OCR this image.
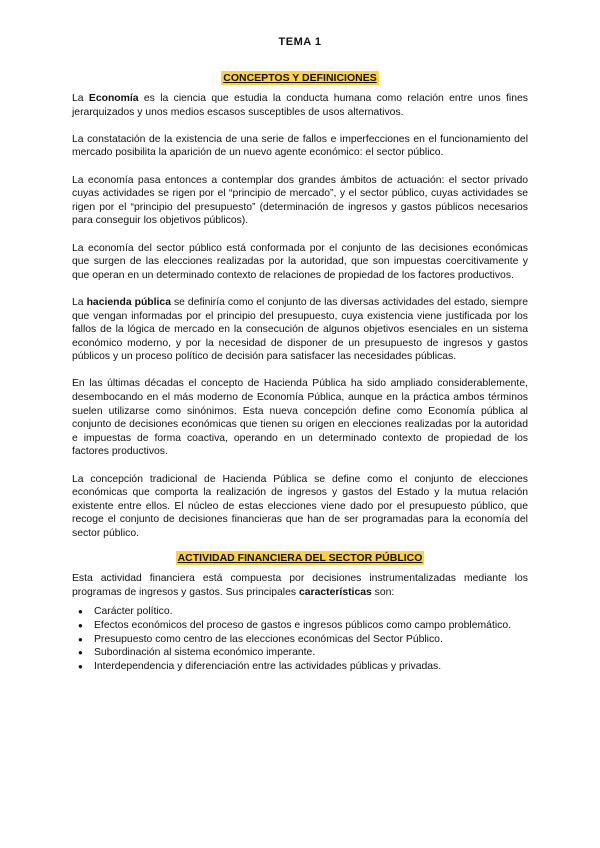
TEMA 1
CONCEPTOS Y DEFINICIONES

La Economía es la ciencia que estudia la conducta humana como relación entre unos fines jerarquizados y unos medios escasos susceptibles de usos alternativos.

La constatación de la existencia de una serie de fallos e imperfecciones en el funcionamiento del mercado posibilita la aparición de un nuevo agente económico: el sector público.

La economía pasa entonces a contemplar dos grandes ámbitos de actuación: el sector privado cuyas actividades se rigen por el “principio de mercado”, y el sector público, cuyas actividades se rigen por el “principio del presupuesto” (determinación de ingresos y gastos públicos necesarios para conseguir los objetivos públicos).

La economía del sector público está conformada por el conjunto de las decisiones económicas que surgen de las elecciones realizadas por la autoridad, que son impuestas coercitivamente y que operan en un determinado contexto de relaciones de propiedad de los factores productivos.

La hacienda pública se definiría como el conjunto de las diversas actividades del estado, siempre que vengan informadas por el principio del presupuesto, cuya existencia viene justificada por los fallos de la lógica de mercado en la consecución de algunos objetivos esenciales en un sistema económico moderno, y por la necesidad de disponer de un presupuesto de ingresos y gastos públicos y un proceso político de decisión para satisfacer las necesidades públicas.

En las últimas décadas el concepto de Hacienda Pública ha sido ampliado considerablemente, desembocando en el más moderno de Economía Pública, aunque en la práctica ambos términos suelen utilizarse como sinónimos. Esta nueva concepción define como Economía pública al conjunto de decisiones económicas que tienen su origen en elecciones realizadas por la autoridad e impuestas de forma coactiva, operando en un determinado contexto de propiedad de los factores productivos.

La concepción tradicional de Hacienda Pública se define como el conjunto de elecciones económicas que comporta la realización de ingresos y gastos del Estado y la mutua relación existente entre ellos. El núcleo de estas elecciones viene dado por el presupuesto público, que recoge el conjunto de decisiones financieras que han de ser programadas para la economía del sector público.

ACTIVIDAD FINANCIERA DEL SECTOR PÚBLICO

Esta actividad financiera está compuesta por decisiones instrumentalizadas mediante los programas de ingresos y gastos. Sus principales características son:

● Carácter político.
● Efectos económicos del proceso de gastos e ingresos públicos como campo problemático.
● Presupuesto como centro de las elecciones económicas del Sector Público.
● Subordinación al sistema económico imperante.
● Interdependencia y diferenciación entre las actividades públicas y privadas.
